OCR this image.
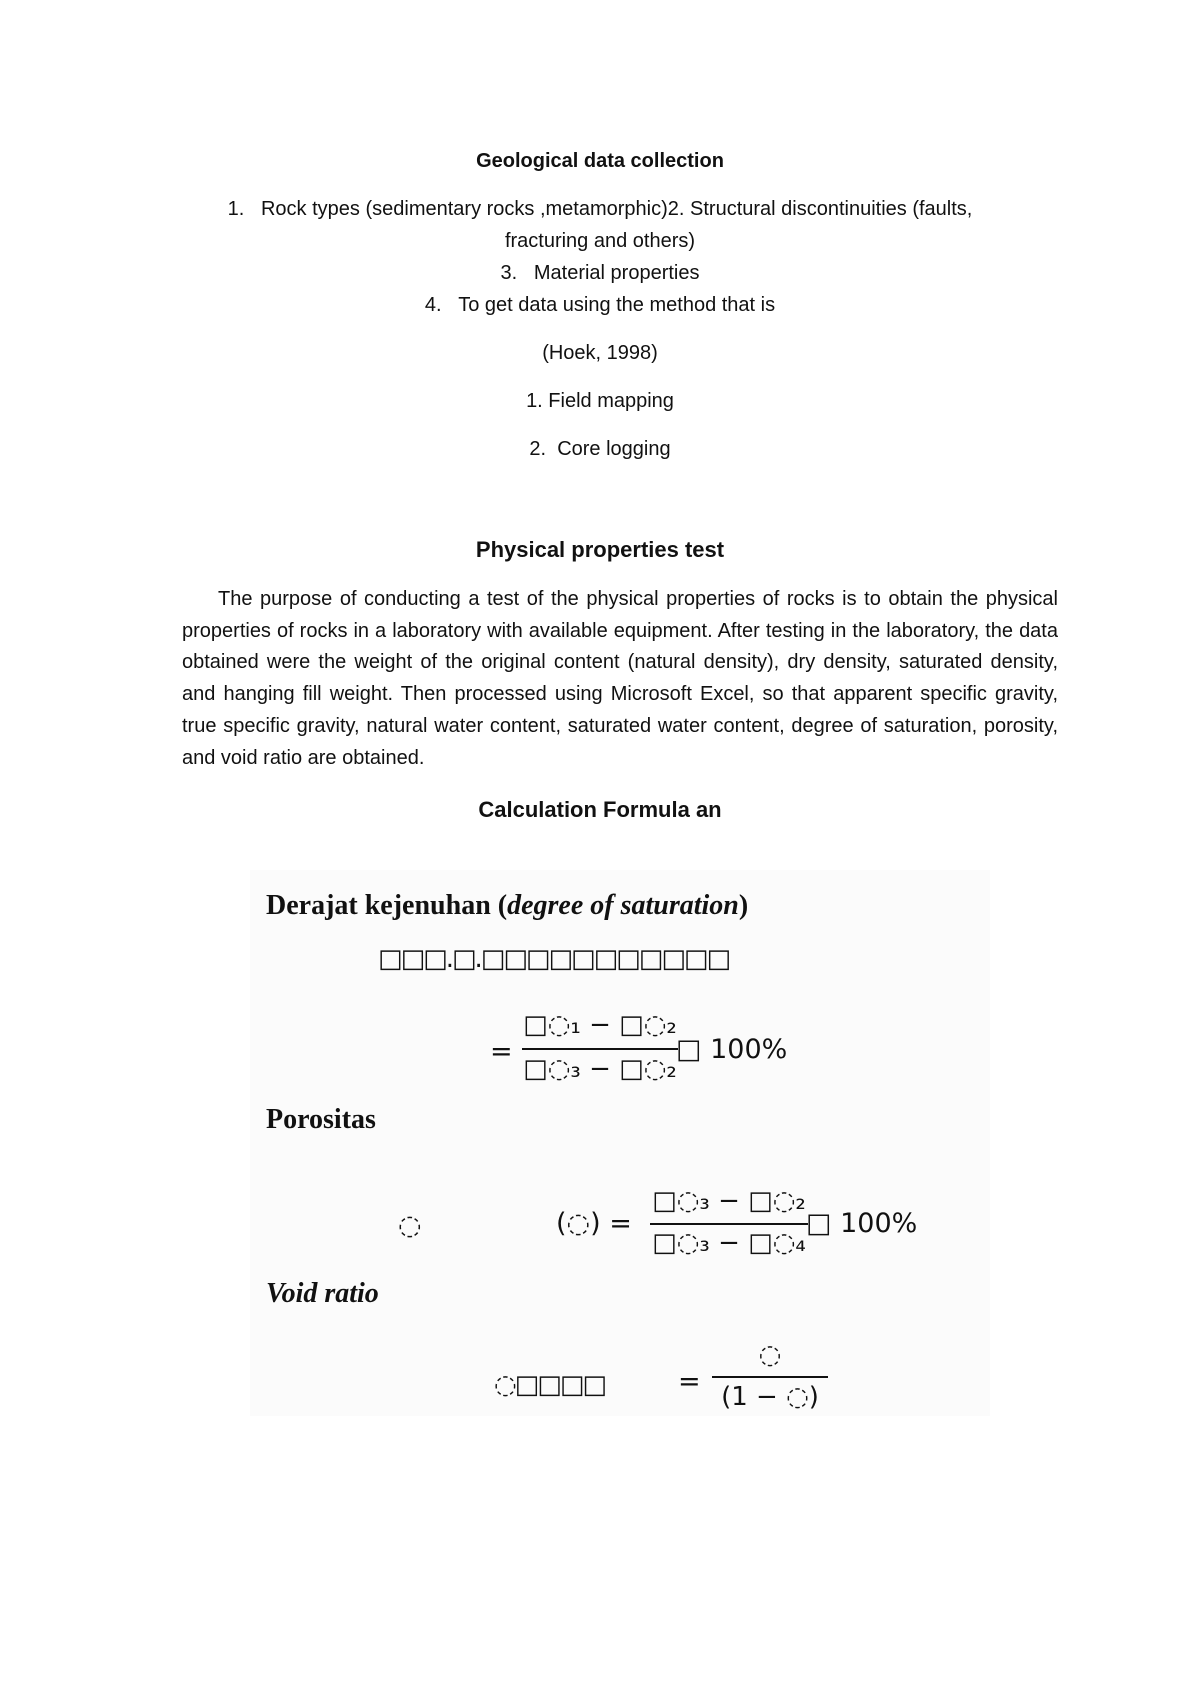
Geological data collection
1. Rock types (sedimentary rocks ,metamorphic)2. Structural discontinuities (faults,
fracturing and others)
3. Material properties
4. To get data using the method that is
(Hoek, 1998)
1. Field mapping
2. Core logging
Physical properties test
The purpose of conducting a test of the physical properties of rocks is to obtain the physical properties of rocks in a laboratory with available equipment. After testing in the laboratory, the data obtained were the weight of the original content (natural density), dry density, saturated density, and hanging fill weight. Then processed using Microsoft Excel, so that apparent specific gravity, true specific gravity, natural water content, saturated water content, degree of saturation, porosity, and void ratio are obtained.
Calculation Formula an
Derajat kejenuhan (degree of saturation)
□□□.□.□□□□□□□□□□□
=
□◌₁ − □◌₂
□◌₃ − □◌₂
□ 100%
Porositas
◌	(◌) =
□◌₃ − □◌₂
□◌₃ − □◌₄
□ 100%
Void ratio
◌□□□□	=
◌
(1 − ◌)
